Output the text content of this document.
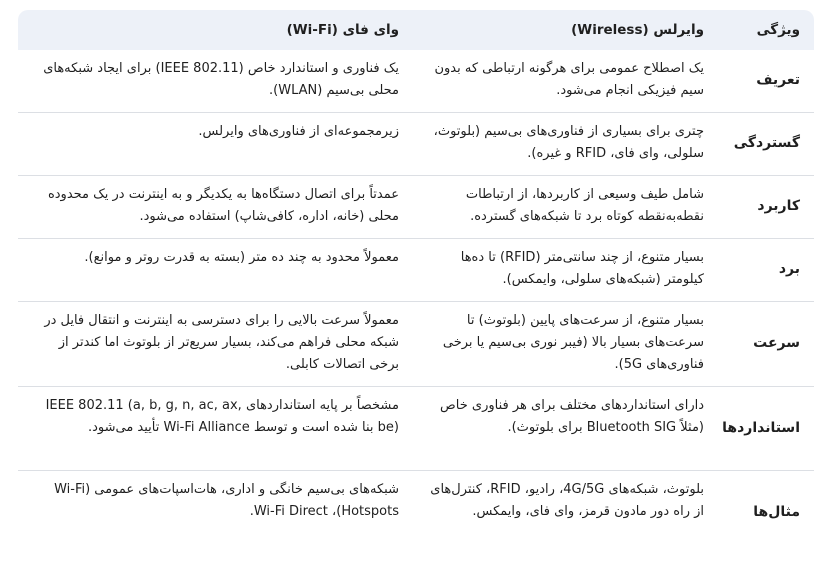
ویژگی	وایرلس (Wireless)	وای فای (Wi-Fi)
تعریف	یک اصطلاح عمومی برای هرگونه ارتباطی که بدون سیم فیزیکی انجام می‌شود.	یک فناوری و استاندارد خاص (IEEE 802.11) برای ایجاد شبکه‌های محلی بی‌سیم (WLAN).
گستردگی	چتری برای بسیاری از فناوری‌های بی‌سیم (بلوتوث، سلولی، وای فای، RFID و غیره).	زیرمجموعه‌ای از فناوری‌های وایرلس.
کاربرد	شامل طیف وسیعی از کاربردها، از ارتباطات نقطه‌به‌نقطه کوتاه برد تا شبکه‌های گسترده.	عمدتاً برای اتصال دستگاه‌ها به یکدیگر و به اینترنت در یک محدوده محلی (خانه، اداره، کافی‌شاپ) استفاده می‌شود.
برد	بسیار متنوع، از چند سانتی‌متر (RFID) تا ده‌ها کیلومتر (شبکه‌های سلولی، وایمکس).	معمولاً محدود به چند ده متر (بسته به قدرت روتر و موانع).
سرعت	بسیار متنوع، از سرعت‌های پایین (بلوتوث) تا سرعت‌های بسیار بالا (فیبر نوری بی‌سیم یا برخی فناوری‌های 5G).	معمولاً سرعت بالایی را برای دسترسی به اینترنت و انتقال فایل در شبکه محلی فراهم می‌کند، بسیار سریع‌تر از بلوتوث اما کندتر از برخی اتصالات کابلی.
استانداردها	دارای استانداردهای مختلف برای هر فناوری خاص (مثلاً Bluetooth SIG برای بلوتوث).	مشخصاً بر پایه استانداردهای IEEE 802.11 (a, b, g, n, ac, ax, be) بنا شده است و توسط Wi-Fi Alliance تأیید می‌شود.
مثال‌ها	بلوتوث، شبکه‌های 4G/5G، رادیو، RFID، کنترل‌های از راه دور مادون قرمز، وای فای، وایمکس.	شبکه‌های بی‌سیم خانگی و اداری، هات‌اسپات‌های عمومی (Wi-Fi Hotspots)، Wi-Fi Direct.
